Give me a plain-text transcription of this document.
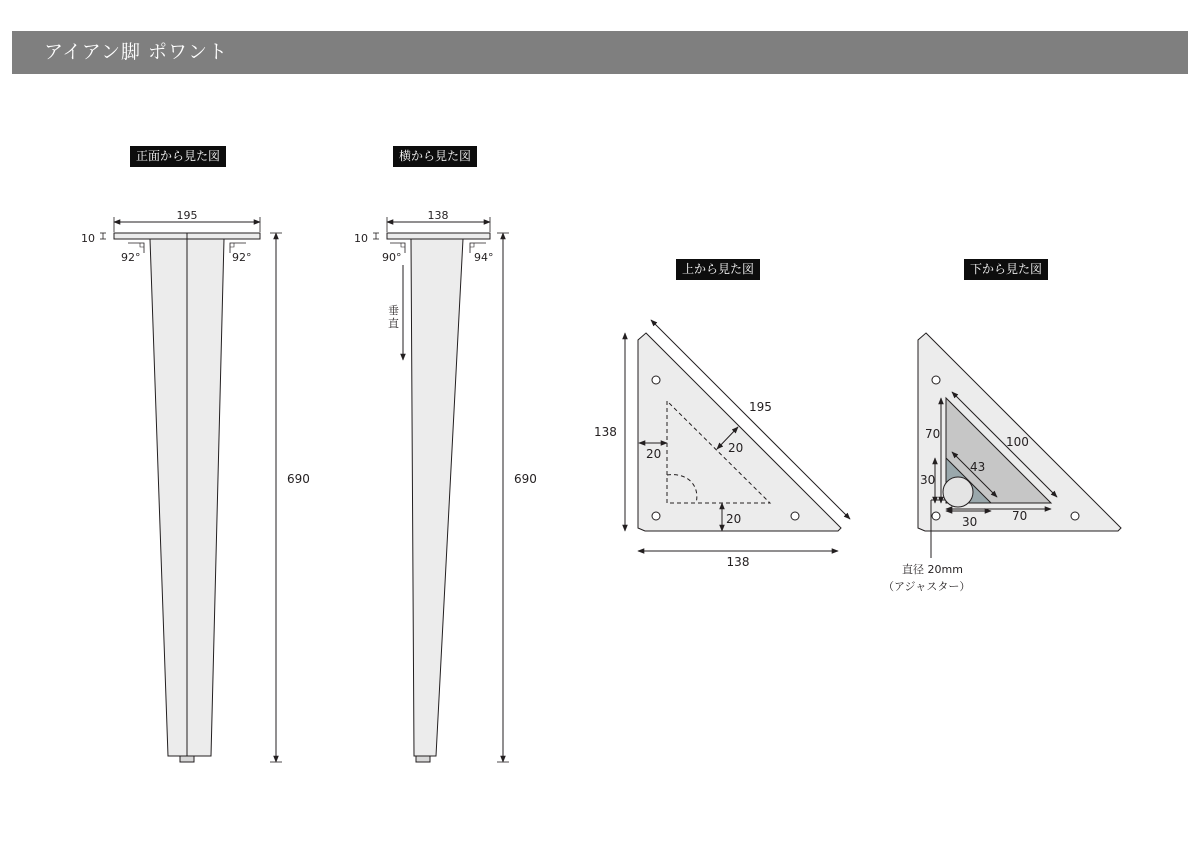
アイアン脚 ポワント
正面から見た図	横から見た図
上から見た図	下から見た図
195
10
92°	92°
690
138
10
90°	94°
垂
直
690
195
138
138
20	20
20
100
43
70
30
30	70
直径 20mm
（アジャスター）
